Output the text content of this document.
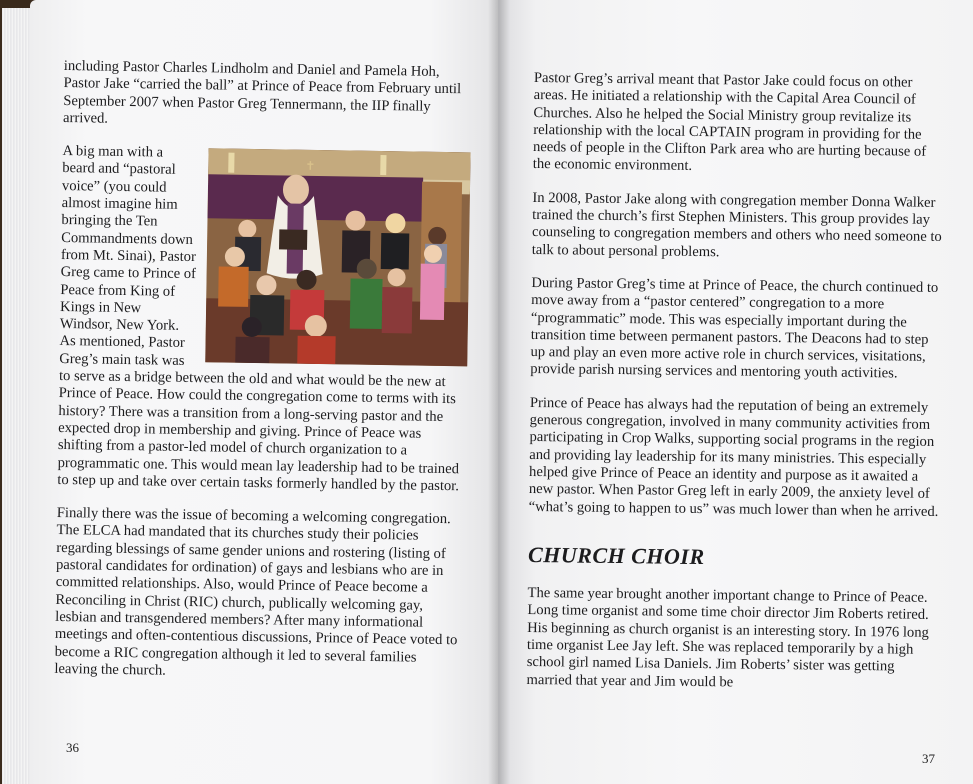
including Pastor Charles Lindholm and Daniel and Pamela Hoh, Pastor Jake “carried the ball” at Prince of Peace from February until September 2007 when Pastor Greg Tennermann, the IIP finally arrived.

✝
A big man with a beard and “pastoral voice” (you could almost imagine him bringing the Ten Commandments down from Mt. Sinai), Pastor Greg came to Prince of Peace from King of Kings in New Windsor, New York. As mentioned, Pastor Greg’s main task was to serve as a bridge between the old and what would be the new at Prince of Peace. How could the congregation come to terms with its history? There was a transition from a long-serving pastor and the expected drop in membership and giving. Prince of Peace was shifting from a pastor-led model of church organization to a programmatic one. This would mean lay leadership had to be trained to step up and take over certain tasks formerly handled by the pastor.

Finally there was the issue of becoming a welcoming congregation. The ELCA had mandated that its churches study their policies regarding blessings of same gender unions and rostering (listing of pastoral candidates for ordination) of gays and lesbians who are in committed relationships. Also, would Prince of Peace become a Reconciling in Christ (RIC) church, publically welcoming gay, lesbian and transgendered members? After many informational meetings and often-contentious discussions, Prince of Peace voted to become a RIC congregation although it led to several families leaving the church.

36

Pastor Greg’s arrival meant that Pastor Jake could focus on other areas. He initiated a relationship with the Capital Area Council of Churches. Also he helped the Social Ministry group revitalize its relationship with the local CAPTAIN program in providing for the needs of people in the Clifton Park area who are hurting because of the economic environment.

In 2008, Pastor Jake along with congregation member Donna Walker trained the church’s first Stephen Ministers. This group provides lay counseling to congregation members and others who need someone to talk to about personal problems.

During Pastor Greg’s time at Prince of Peace, the church continued to move away from a “pastor centered” congregation to a more “programmatic” mode. This was especially important during the transition time between permanent pastors. The Deacons had to step up and play an even more active role in church services, visitations, provide parish nursing services and mentoring youth activities.

Prince of Peace has always had the reputation of being an extremely generous congregation, involved in many community activities from participating in Crop Walks, supporting social programs in the region and providing lay leadership for its many ministries. This especially helped give Prince of Peace an identity and purpose as it awaited a new pastor. When Pastor Greg left in early 2009, the anxiety level of “what’s going to happen to us” was much lower than when he arrived.

CHURCH CHOIR

The same year brought another important change to Prince of Peace. Long time organist and some time choir director Jim Roberts retired. His beginning as church organist is an interesting story. In 1976 long time organist Lee Jay left. She was replaced temporarily by a high school girl named Lisa Daniels. Jim Roberts’ sister was getting married that year and Jim would be

37
